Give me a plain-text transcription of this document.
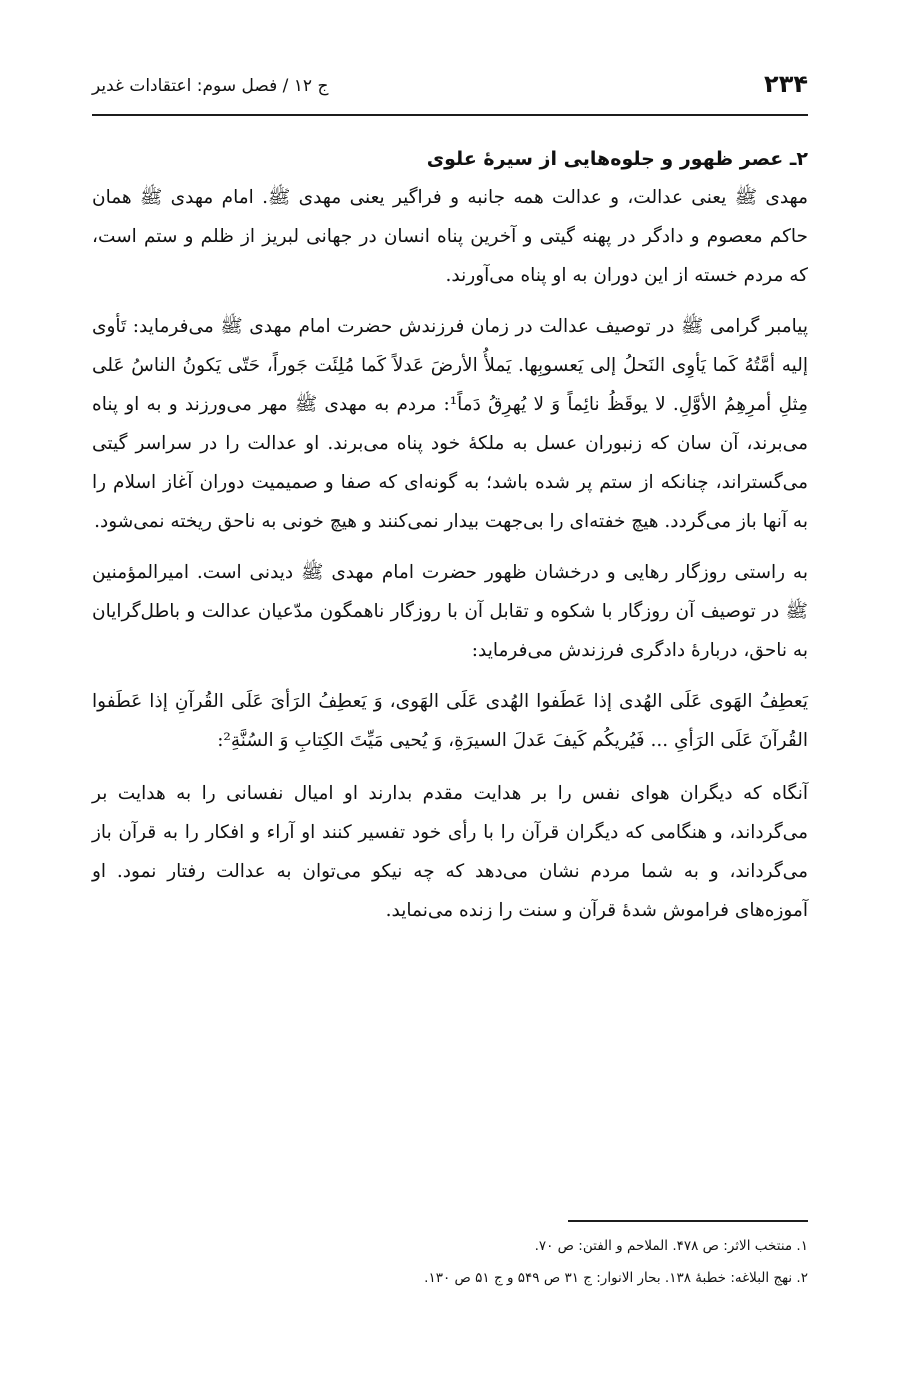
۲۳۴
ج ۱۲ / فصل سوم: اعتقادات غدیر
۲ـ عصر ظهور و جلوه‌هایی از سیرهٔ علوی

مهدی ﷺ یعنی عدالت، و عدالت همه جانبه و فراگیر یعنی مهدی ﷺ. امام مهدی ﷺ همان حاکم معصوم و دادگر در پهنه گیتی و آخرین پناه انسان در جهانی لبریز از ظلم و ستم است، که مردم خسته از این دوران به او پناه می‌آورند.

پیامبر گرامی ﷺ در توصیف عدالت در زمان فرزندش حضرت امام مهدی ﷺ می‌فرماید: تَأوی إلیه أمَّتُهُ کَما یَأوِی النَحلُ إلی یَعسوبِها. یَملأُ الأرضَ عَدلاً کَما مُلِئَت جَوراً، حَتّی یَکونُ الناسُ عَلی مِثلِ أمرِهِمُ الأوَّلِ. لا یوقَظُ نائِماً وَ لا یُهرِقُ دَماً¹: مردم به مهدی ﷺ مهر می‌ورزند و به او پناه می‌برند، آن سان که زنبوران عسل به ملکهٔ خود پناه می‌برند. او عدالت را در سراسر گیتی می‌گستراند، چنانکه از ستم پر شده باشد؛ به گونه‌ای که صفا و صمیمیت دوران آغاز اسلام را به آنها باز می‌گردد. هیچ خفته‌ای را بی‌جهت بیدار نمی‌کنند و هیچ خونی به ناحق ریخته نمی‌شود.

به راستی روزگار رهایی و درخشان ظهور حضرت امام مهدی ﷺ دیدنی است. امیرالمؤمنین ﷺ در توصیف آن روزگار با شکوه و تقابل آن با روزگار ناهمگون مدّعیان عدالت و باطل‌گرایان به ناحق، دربارهٔ دادگری فرزندش می‌فرماید:

یَعطِفُ الهَوی عَلَی الهُدی إذا عَطَفوا الهُدی عَلَی الهَوی، وَ یَعطِفُ الرَأیَ عَلَی القُرآنِ إذا عَطَفوا القُرآنَ عَلَی الرَأیِ ... فَیُریکُم کَیفَ عَدلَ السیرَةِ، وَ یُحیی مَیِّتَ الکِتابِ وَ السُنَّةِ²:

آنگاه که دیگران هوای نفس را بر هدایت مقدم بدارند او امیال نفسانی را به هدایت بر می‌گرداند، و هنگامی که دیگران قرآن را با رأی خود تفسیر کنند او آراء و افکار را به قرآن باز می‌گرداند، و به شما مردم نشان می‌دهد که چه نیکو می‌توان به عدالت رفتار نمود. او آموزه‌های فراموش شدهٔ قرآن و سنت را زنده می‌نماید.

۱. منتخب الاثر: ص ۴۷۸. الملاحم و الفتن: ص ۷۰.

۲. نهج البلاغه: خطبهٔ ۱۳۸. بحار الانوار: ج ۳۱ ص ۵۴۹ و ج ۵۱ ص ۱۳۰.
